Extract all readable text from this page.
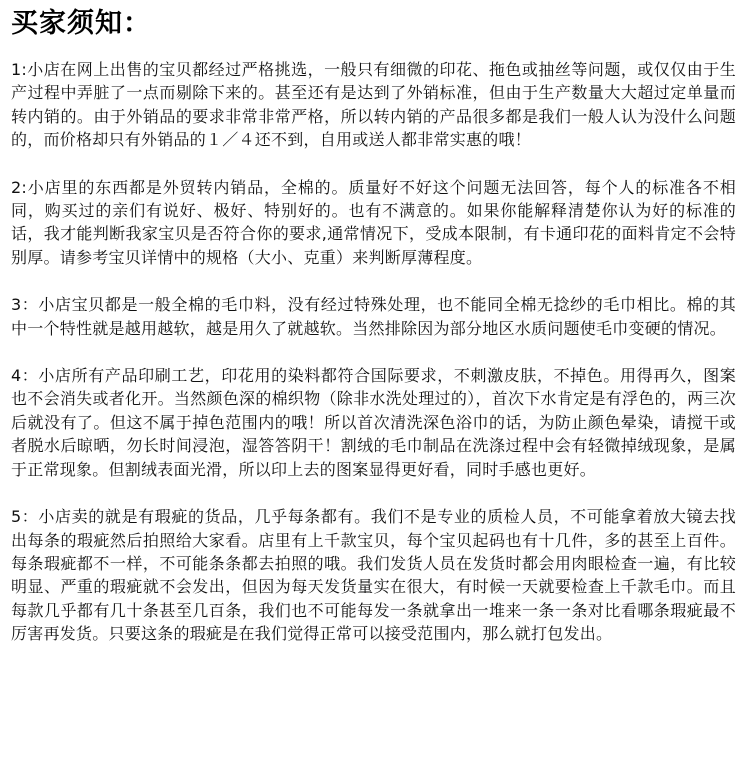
买家须知：

1:小店在网上出售的宝贝都经过严格挑选，一般只有细微的印花、拖色或抽丝等问题，或仅仅由于生产过程中弄脏了一点而剔除下来的。甚至还有是达到了外销标准，但由于生产数量大大超过定单量而转内销的。由于外销品的要求非常非常严格，所以转内销的产品很多都是我们一般人认为没什么问题的，而价格却只有外销品的１／４还不到，自用或送人都非常实惠的哦！

2:小店里的东西都是外贸转内销品，全棉的。质量好不好这个问题无法回答，每个人的标准各不相同，购买过的亲们有说好、极好、特别好的。也有不满意的。如果你能解释清楚你认为好的标准的话，我才能判断我家宝贝是否符合你的要求,通常情况下，受成本限制，有卡通印花的面料肯定不会特别厚。请参考宝贝详情中的规格（大小、克重）来判断厚薄程度。

3：小店宝贝都是一般全棉的毛巾料，没有经过特殊处理，也不能同全棉无捻纱的毛巾相比。棉的其中一个特性就是越用越软，越是用久了就越软。当然排除因为部分地区水质问题使毛巾变硬的情况。

4：小店所有产品印刷工艺，印花用的染料都符合国际要求，不刺激皮肤，不掉色。用得再久，图案也不会消失或者化开。当然颜色深的棉织物（除非水洗处理过的），首次下水肯定是有浮色的，两三次后就没有了。但这不属于掉色范围内的哦！所以首次清洗深色浴巾的话，为防止颜色晕染，请搅干或者脱水后晾晒，勿长时间浸泡，湿答答阴干！割绒的毛巾制品在洗涤过程中会有轻微掉绒现象，是属于正常现象。但割绒表面光滑，所以印上去的图案显得更好看，同时手感也更好。

5：小店卖的就是有瑕疵的货品，几乎每条都有。我们不是专业的质检人员，不可能拿着放大镜去找出每条的瑕疵然后拍照给大家看。店里有上千款宝贝，每个宝贝起码也有十几件，多的甚至上百件。每条瑕疵都不一样，不可能条条都去拍照的哦。我们发货人员在发货时都会用肉眼检查一遍，有比较明显、严重的瑕疵就不会发出，但因为每天发货量实在很大，有时候一天就要检查上千款毛巾。而且每款几乎都有几十条甚至几百条，我们也不可能每发一条就拿出一堆来一条一条对比看哪条瑕疵最不厉害再发货。只要这条的瑕疵是在我们觉得正常可以接受范围内，那么就打包发出。
